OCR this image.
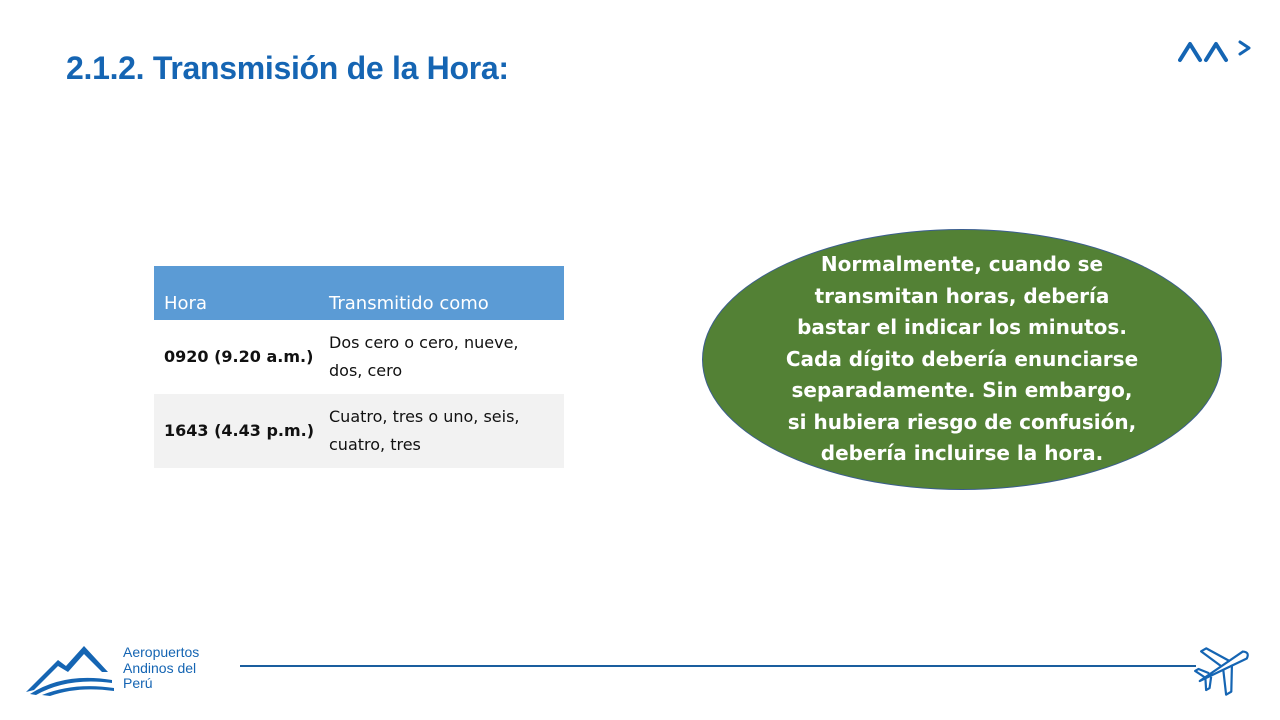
2.1.2. Transmisión de la Hora:
Hora	Transmitido como
0920 (9.20 a.m.)	Dos cero o cero, nueve,
dos, cero

1643 (4.43 p.m.)	Cuatro, tres o uno, seis,
cuatro, tres
Normalmente, cuando se
transmitan horas, debería
bastar el indicar los minutos.
Cada dígito debería enunciarse
separadamente. Sin embargo,
si hubiera riesgo de confusión,
debería incluirse la hora.
Aeropuertos
Andinos del
Perú
